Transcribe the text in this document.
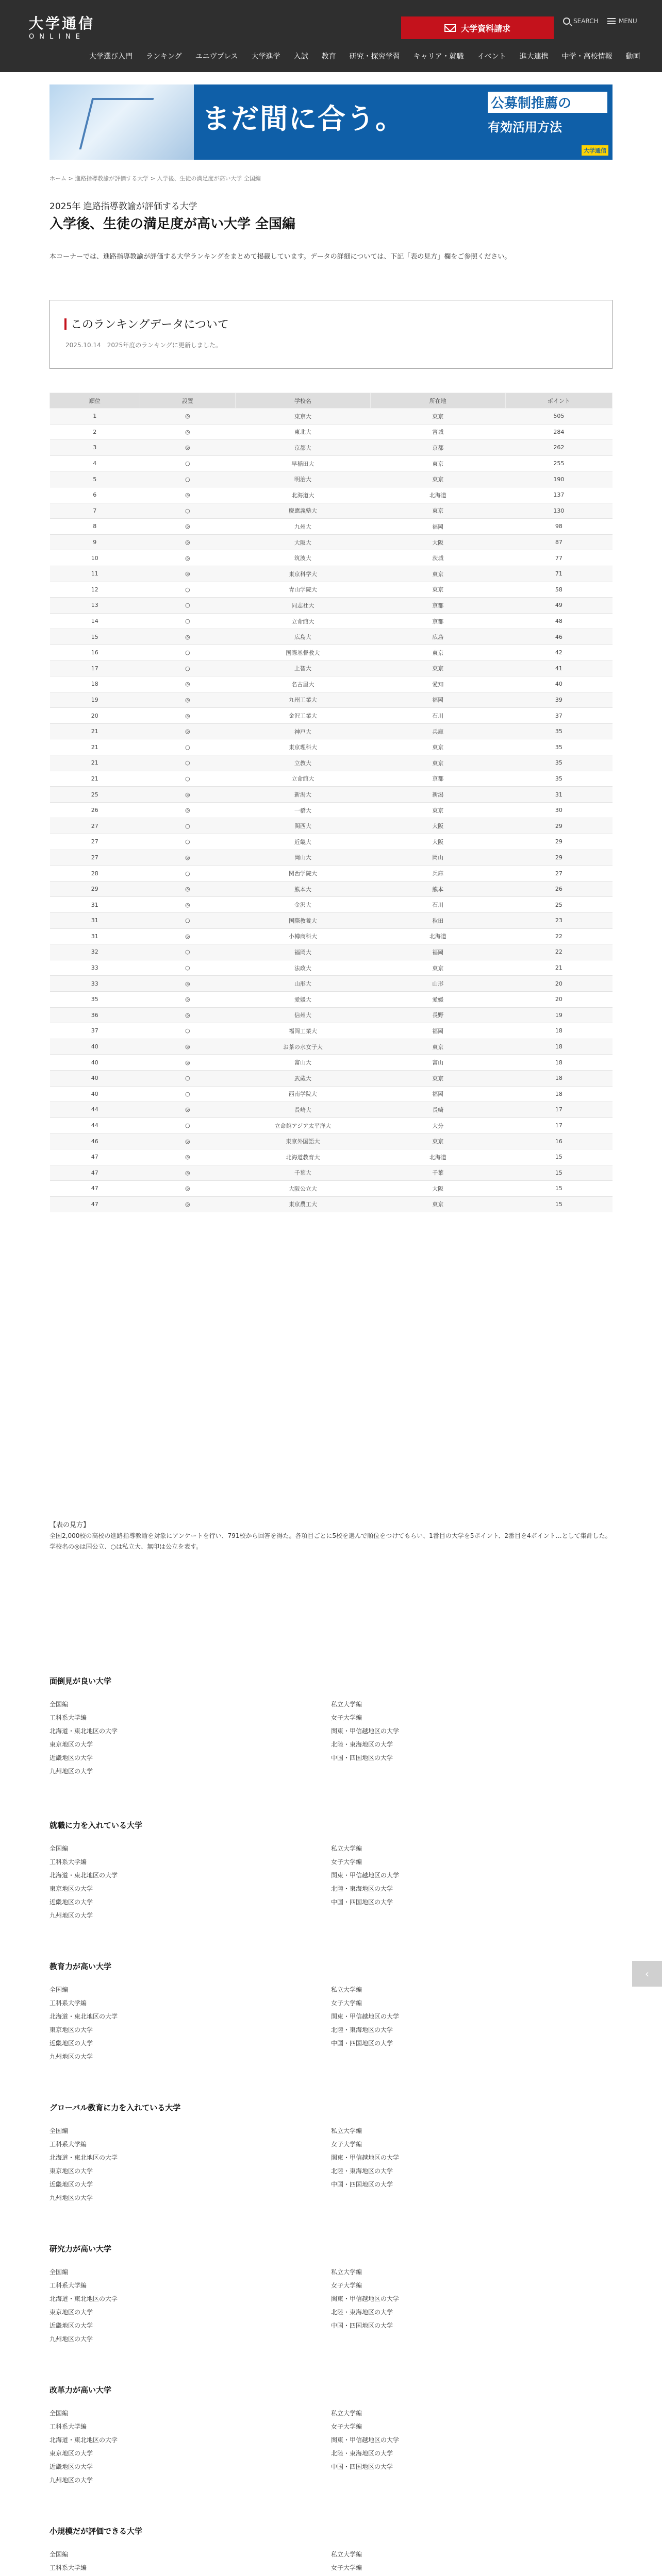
大学通信
ONLINE
大学資料請求
SEARCH	MENU
大学選び入門	ランキング	ユニヴプレス	大学進学	入試	教育	研究・探究学習	キャリア・就職	イベント	進大連携	中学・高校情報	動画
まだ間に合う。	公募制推薦の
有効活用方法
大学通信
ホーム > 進路指導教諭が評価する大学 > 入学後、生徒の満足度が高い大学 全国編
2025年 進路指導教諭が評価する大学
入学後、生徒の満足度が高い大学 全国編

本コーナーでは、進路指導教諭が評価する大学ランキングをまとめて掲載しています。データの詳細については、下記「表の見方」欄をご参照ください。

このランキングデータについて
2025.10.14　2025年度のランキングに更新しました。
順位	設置	学校名	所在地	ポイント
1	◎	東京大	東京	505
2	◎	東北大	宮城	284
3	◎	京都大	京都	262
4	○	早稲田大	東京	255
5	○	明治大	東京	190
6	◎	北海道大	北海道	137
7	○	慶應義塾大	東京	130
8	◎	九州大	福岡	98
9	◎	大阪大	大阪	87
10	◎	筑波大	茨城	77
11	◎	東京科学大	東京	71
12	○	青山学院大	東京	58
13	○	同志社大	京都	49
14	○	立命館大	京都	48
15	◎	広島大	広島	46
16	○	国際基督教大	東京	42
17	○	上智大	東京	41
18	◎	名古屋大	愛知	40
19	◎	九州工業大	福岡	39
20	◎	金沢工業大	石川	37
21	◎	神戸大	兵庫	35
21	○	東京理科大	東京	35
21	○	立教大	東京	35
21	○	立命館大	京都	35
25	◎	新潟大	新潟	31
26	◎	一橋大	東京	30
27	○	関西大	大阪	29
27	○	近畿大	大阪	29
27	◎	岡山大	岡山	29
28	○	関西学院大	兵庫	27
29	◎	熊本大	熊本	26
31	◎	金沢大	石川	25
31	○	国際教養大	秋田	23
31	◎	小樽商科大	北海道	22
32	○	福岡大	福岡	22
33	○	法政大	東京	21
33	◎	山形大	山形	20
35	◎	愛媛大	愛媛	20
36	◎	信州大	長野	19
37	○	福岡工業大	福岡	18
40	◎	お茶の水女子大	東京	18
40	◎	富山大	富山	18
40	○	武蔵大	東京	18
40	○	西南学院大	福岡	18
44	◎	長崎大	長崎	17
44	○	立命館アジア太平洋大	大分	17
46	◎	東京外国語大	東京	16
47	◎	北海道教育大	北海道	15
47	◎	千葉大	千葉	15
47	◎	大阪公立大	大阪	15
47	◎	東京農工大	東京	15
【表の見方】
全国2,000校の高校の進路指導教諭を対象にアンケートを行い、791校から回答を得た。各項目ごとに5校を選んで順位をつけてもらい、1番目の大学を5ポイント、2番目を4ポイント…として集計した。
学校名の◎は国公立、○は私立大、無印は公立を表す。
面倒見が良い大学
全国編
工科系大学編
北海道・東北地区の大学
東京地区の大学
近畿地区の大学
九州地区の大学
私立大学編
女子大学編
関東・甲信越地区の大学
北陸・東海地区の大学
中国・四国地区の大学
就職に力を入れている大学
全国編
工科系大学編
北海道・東北地区の大学
東京地区の大学
近畿地区の大学
九州地区の大学
私立大学編
女子大学編
関東・甲信越地区の大学
北陸・東海地区の大学
中国・四国地区の大学
教育力が高い大学
全国編
工科系大学編
北海道・東北地区の大学
東京地区の大学
近畿地区の大学
九州地区の大学
私立大学編
女子大学編
関東・甲信越地区の大学
北陸・東海地区の大学
中国・四国地区の大学
グローバル教育に力を入れている大学
全国編
工科系大学編
北海道・東北地区の大学
東京地区の大学
近畿地区の大学
九州地区の大学
私立大学編
女子大学編
関東・甲信越地区の大学
北陸・東海地区の大学
中国・四国地区の大学
研究力が高い大学
全国編
工科系大学編
北海道・東北地区の大学
東京地区の大学
近畿地区の大学
九州地区の大学
私立大学編
女子大学編
関東・甲信越地区の大学
北陸・東海地区の大学
中国・四国地区の大学
改革力が高い大学
全国編
工科系大学編
北海道・東北地区の大学
東京地区の大学
近畿地区の大学
九州地区の大学
私立大学編
女子大学編
関東・甲信越地区の大学
北陸・東海地区の大学
中国・四国地区の大学
小規模だが評価できる大学
全国編
工科系大学編
私立大学編
女子大学編
‹
